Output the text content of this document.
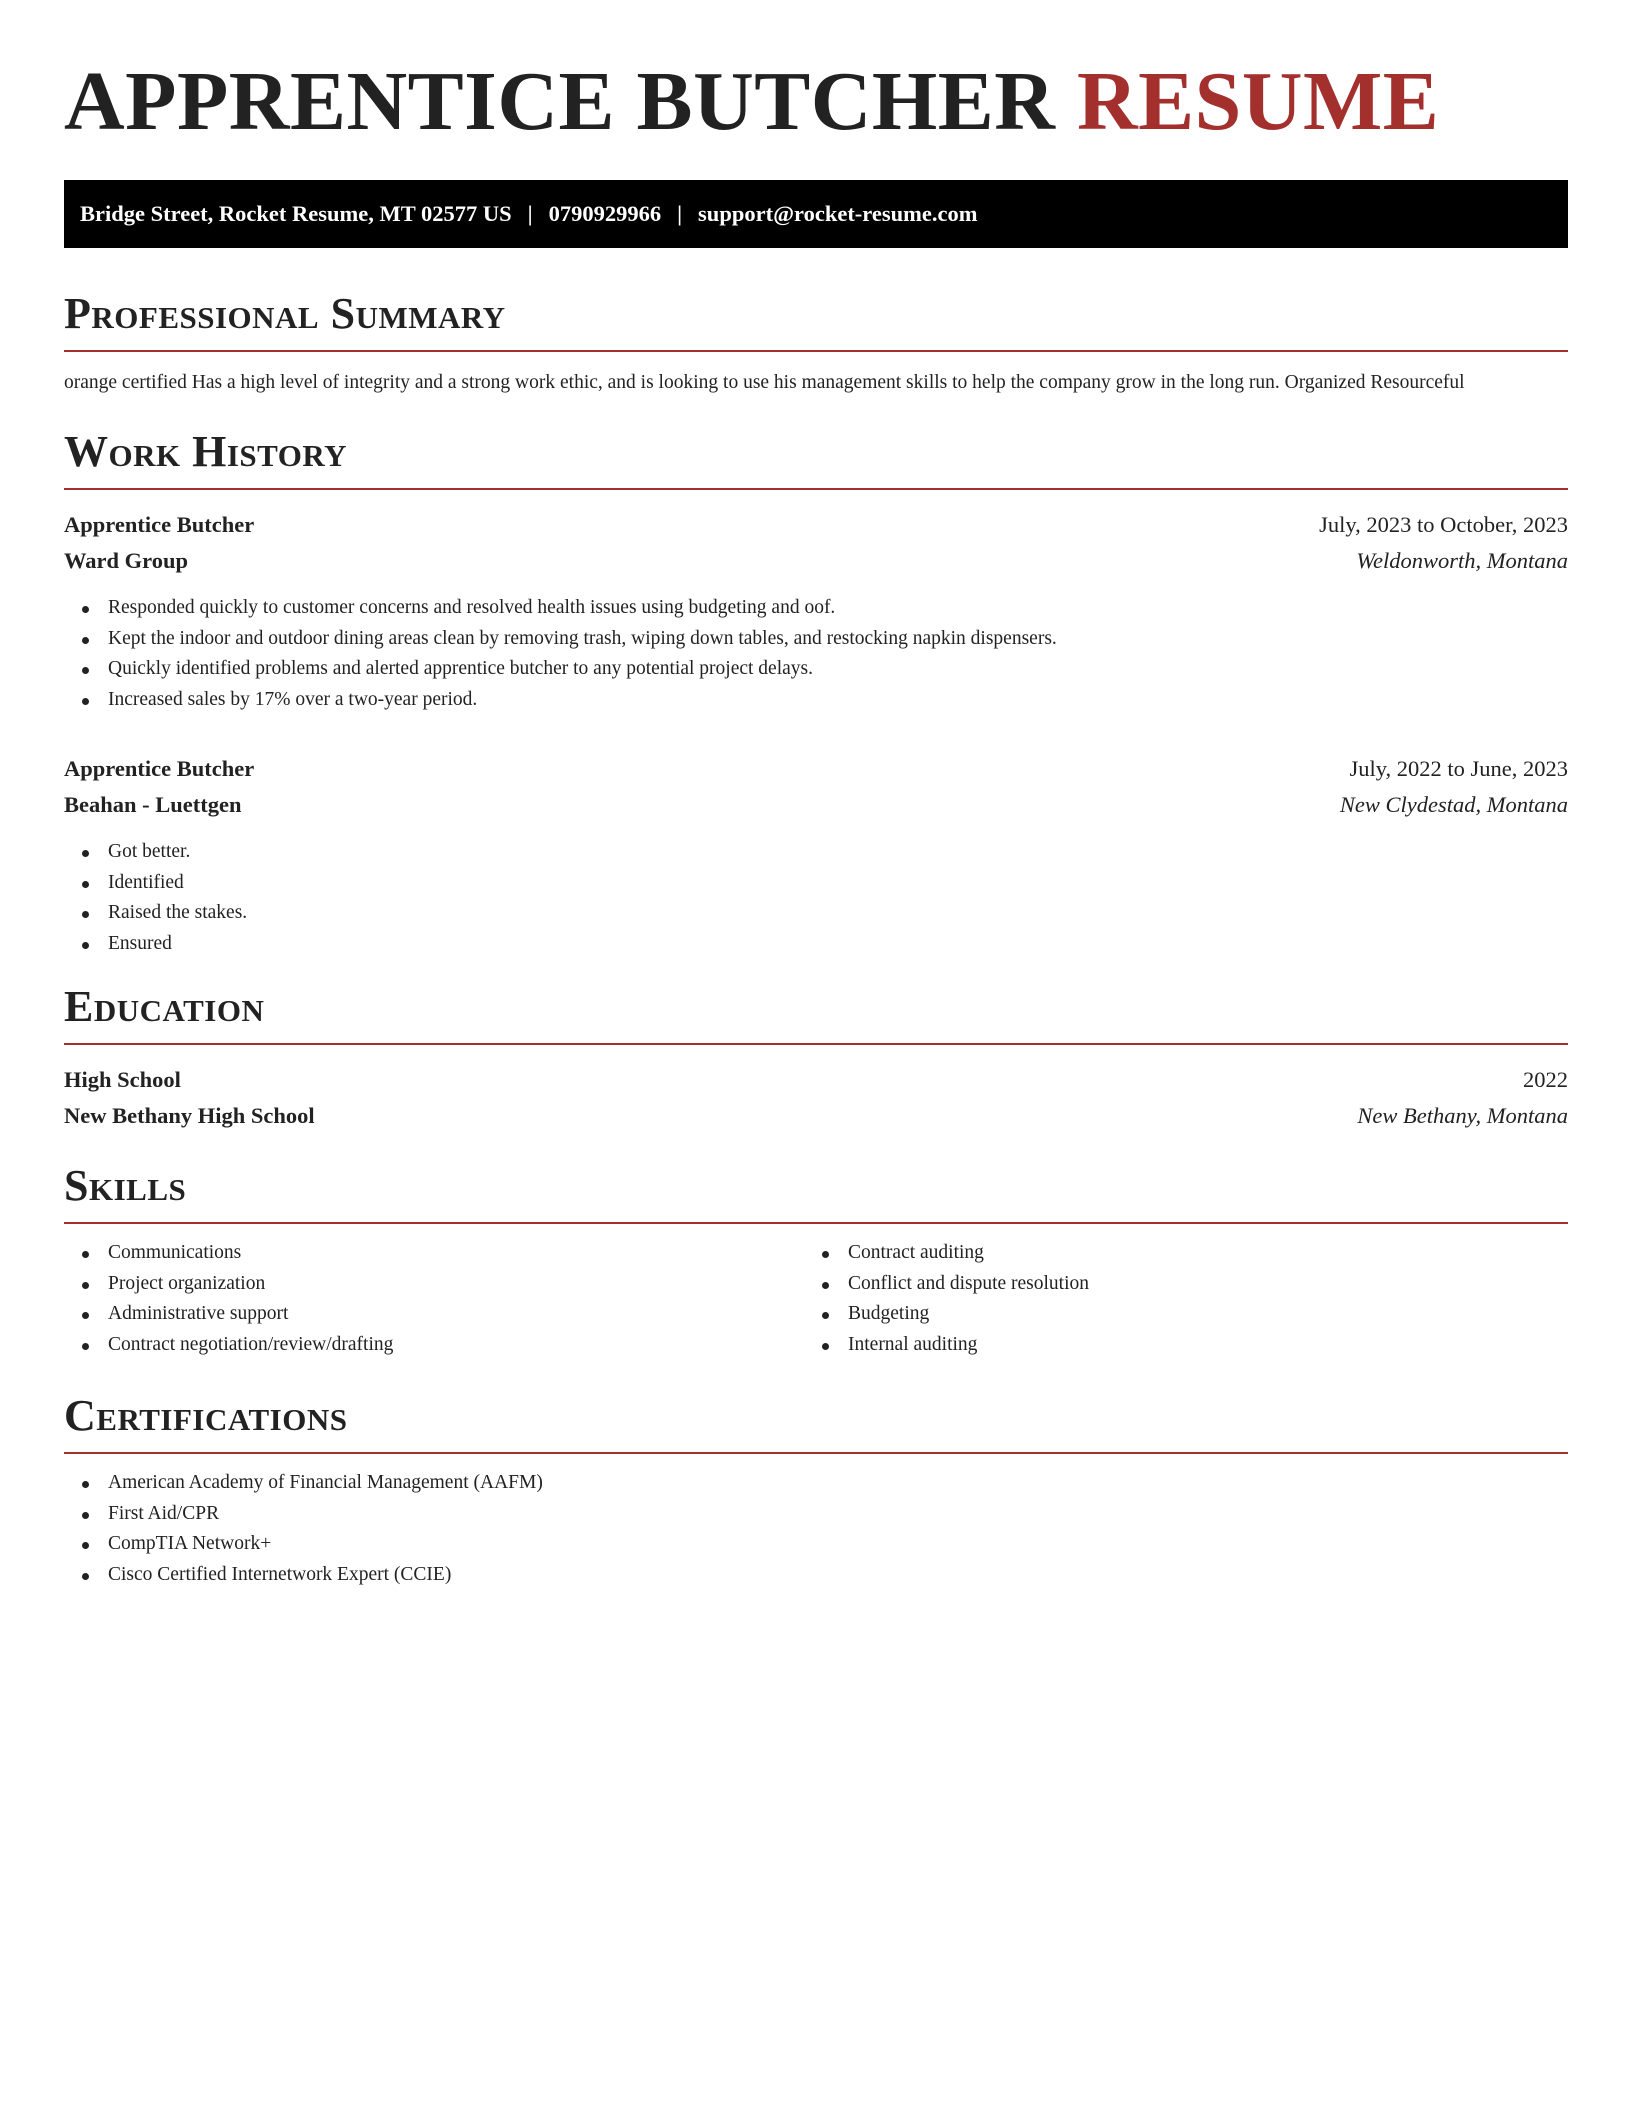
APPRENTICE BUTCHER RESUME
Bridge Street, Rocket Resume, MT 02577 US | 0790929966 | support@rocket-resume.com
Professional Summary

orange certified Has a high level of integrity and a strong work ethic, and is looking to use his management skills to help the company grow in the long run. Organized Resourceful

Work History
Apprentice Butcher	July, 2023 to October, 2023
Ward Group	Weldonworth, Montana
Responded quickly to customer concerns and resolved health issues using budgeting and oof.
Kept the indoor and outdoor dining areas clean by removing trash, wiping down tables, and restocking napkin dispensers.
Quickly identified problems and alerted apprentice butcher to any potential project delays.
Increased sales by 17% over a two-year period.
Apprentice Butcher	July, 2022 to June, 2023
Beahan - Luettgen	New Clydestad, Montana
Got better.
Identified
Raised the stakes.
Ensured
Education
High School	2022
New Bethany High School	New Bethany, Montana
Skills
Communications
Project organization
Administrative support
Contract negotiation/review/drafting
Contract auditing
Conflict and dispute resolution
Budgeting
Internal auditing
Certifications
American Academy of Financial Management (AAFM)
First Aid/CPR
CompTIA Network+
Cisco Certified Internetwork Expert (CCIE)
